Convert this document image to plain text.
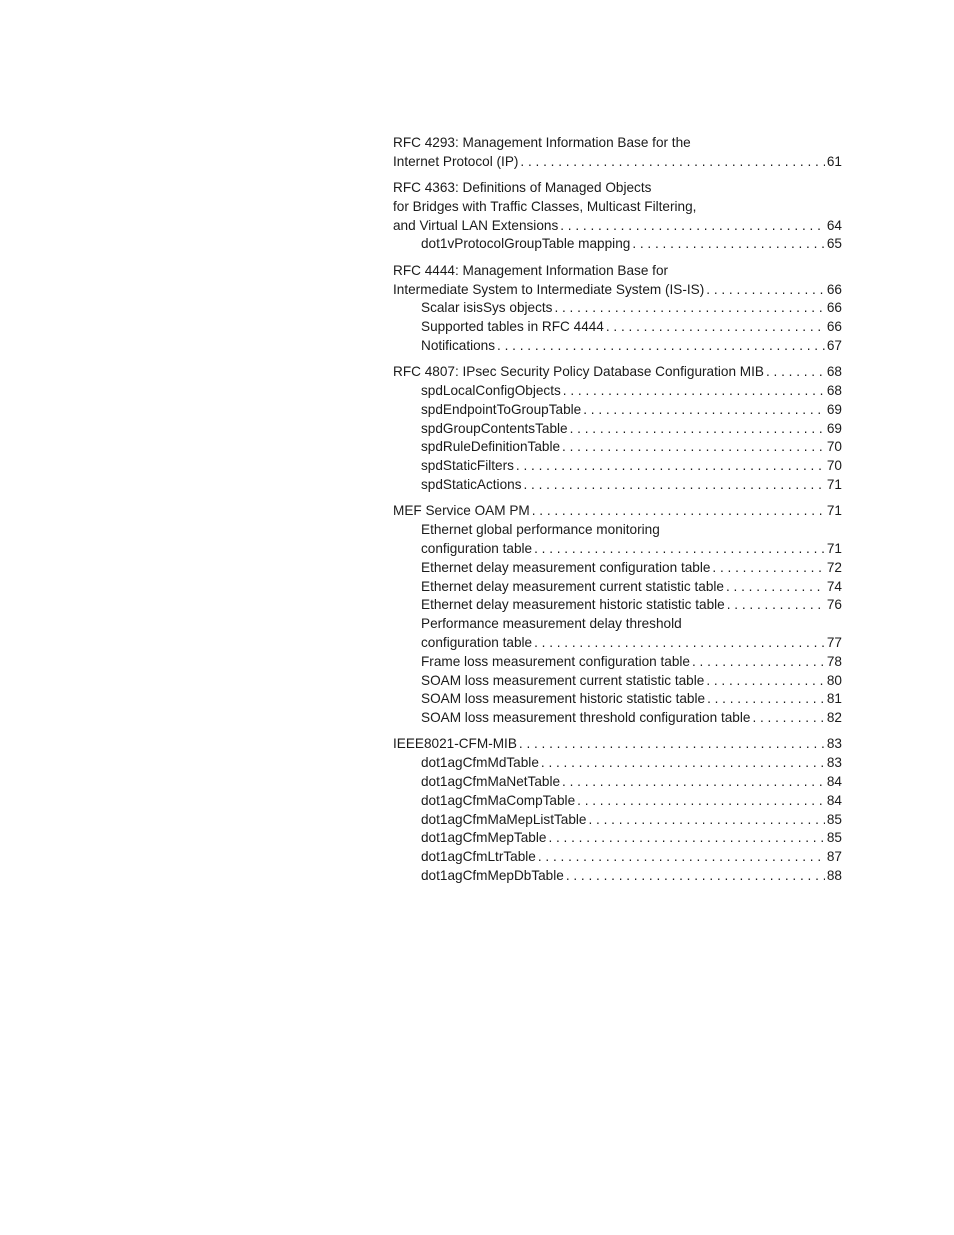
RFC 4293: Management Information Base for the
Internet Protocol (IP) . . .	61
RFC 4363: Definitions of Managed Objects
for Bridges with Traffic Classes, Multicast Filtering,
and Virtual LAN Extensions . . .	64
dot1vProtocolGroupTable mapping . . .	65
RFC 4444: Management Information Base for
Intermediate System to Intermediate System (IS-IS) . . .	66
Scalar isisSys objects . . .	66
Supported tables in RFC 4444 . . .	66
Notifications . . .	67
RFC 4807: IPsec Security Policy Database Configuration MIB . . .	68
spdLocalConfigObjects . . .	68
spdEndpointToGroupTable . . .	69
spdGroupContentsTable . . .	69
spdRuleDefinitionTable . . .	70
spdStaticFilters . . .	70
spdStaticActions . . .	71
MEF Service OAM PM . . .	71
Ethernet global performance monitoring
configuration table . . .	71
Ethernet delay measurement configuration table . . .	72
Ethernet delay measurement current statistic table . . .	74
Ethernet delay measurement historic statistic table . . .	76
Performance measurement delay threshold
configuration table . . .	77
Frame loss measurement configuration table . . .	78
SOAM loss measurement current statistic table . . .	80
SOAM loss measurement historic statistic table . . .	81
SOAM loss measurement threshold configuration table . . .	82
IEEE8021-CFM-MIB . . .	83
dot1agCfmMdTable . . .	83
dot1agCfmMaNetTable . . .	84
dot1agCfmMaCompTable . . .	84
dot1agCfmMaMepListTable . . .	85
dot1agCfmMepTable . . .	85
dot1agCfmLtrTable . . .	87
dot1agCfmMepDbTable . . .	88
